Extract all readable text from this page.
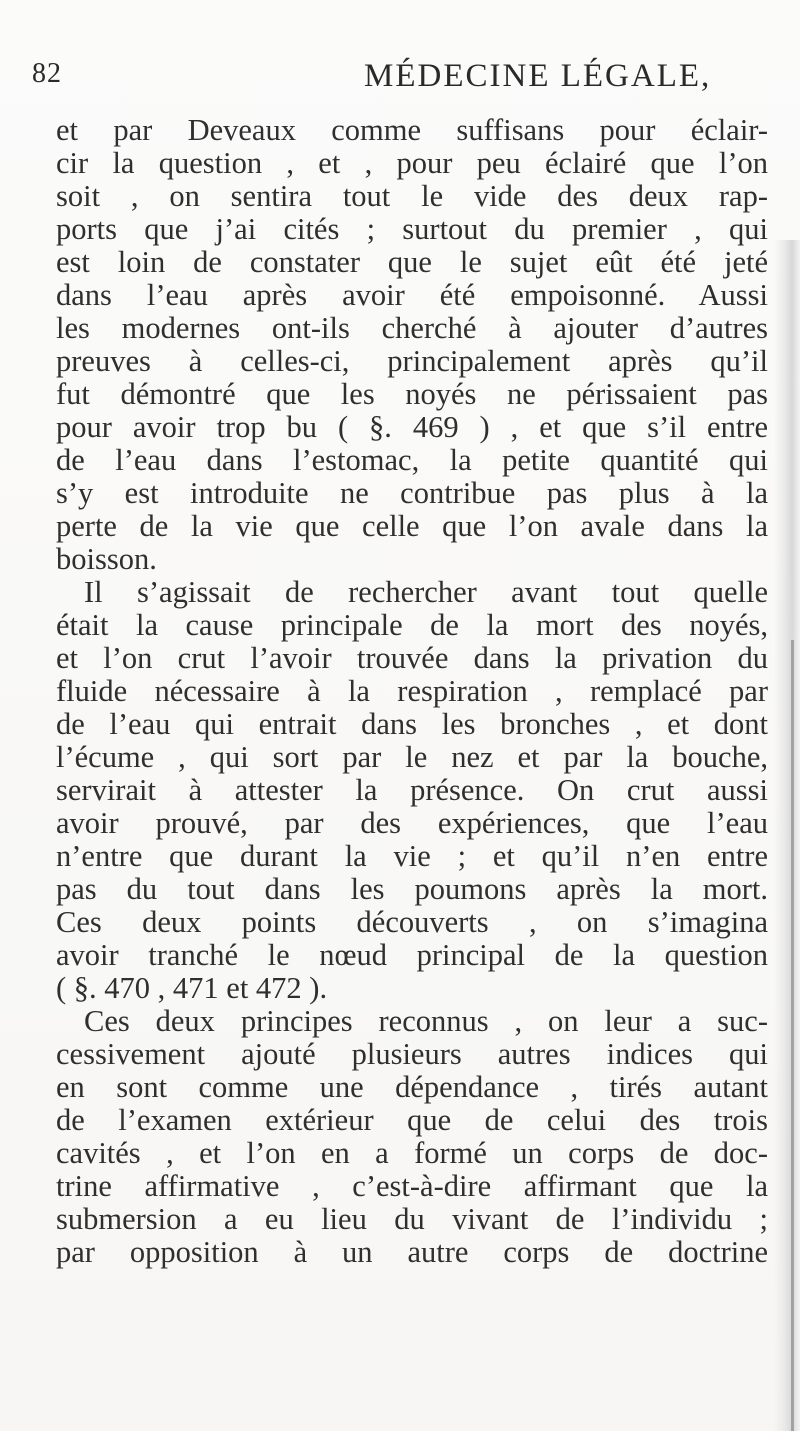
82	MÉDECINE LÉGALE,
et par Deveaux comme suffisans pour éclair-
cir la question , et , pour peu éclairé que l’on
soit , on sentira tout le vide des deux rap-
ports que j’ai cités ; surtout du premier , qui
est loin de constater que le sujet eût été jeté
dans l’eau après avoir été empoisonné. Aussi
les modernes ont-ils cherché à ajouter d’autres
preuves à celles-ci, principalement après qu’il
fut démontré que les noyés ne périssaient pas
pour avoir trop bu ( §. 469 ) , et que s’il entre
de l’eau dans l’estomac, la petite quantité qui
s’y est introduite ne contribue pas plus à la
perte de la vie que celle que l’on avale dans la
boisson.
Il s’agissait de rechercher avant tout quelle
était la cause principale de la mort des noyés,
et l’on crut l’avoir trouvée dans la privation du
fluide nécessaire à la respiration , remplacé par
de l’eau qui entrait dans les bronches , et dont
l’écume , qui sort par le nez et par la bouche,
servirait à attester la présence. On crut aussi
avoir prouvé, par des expériences, que l’eau
n’entre que durant la vie ; et qu’il n’en entre
pas du tout dans les poumons après la mort.
Ces deux points découverts , on s’imagina
avoir tranché le nœud principal de la question
( §. 470 , 471 et 472 ).
Ces deux principes reconnus , on leur a suc-
cessivement ajouté plusieurs autres indices qui
en sont comme une dépendance , tirés autant
de l’examen extérieur que de celui des trois
cavités , et l’on en a formé un corps de doc-
trine affirmative , c’est-à-dire affirmant que la
submersion a eu lieu du vivant de l’individu ;
par opposition à un autre corps de doctrine
